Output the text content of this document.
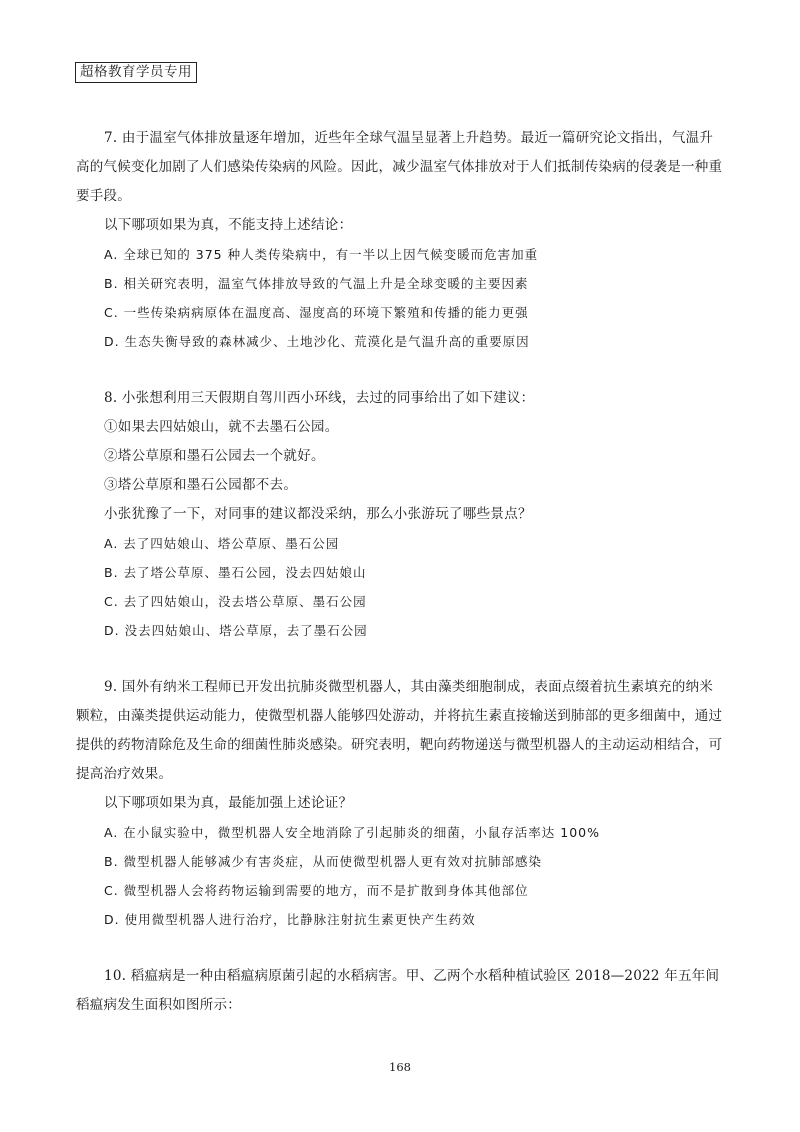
超格教育学员专用
7. 由于温室气体排放量逐年增加，近些年全球气温呈显著上升趋势。最近一篇研究论文指出，气温升高的气候变化加剧了人们感染传染病的风险。因此，减少温室气体排放对于人们抵制传染病的侵袭是一种重要手段。
以下哪项如果为真，不能支持上述结论：
A. 全球已知的 375 种人类传染病中，有一半以上因气候变暖而危害加重
B. 相关研究表明，温室气体排放导致的气温上升是全球变暖的主要因素
C. 一些传染病病原体在温度高、湿度高的环境下繁殖和传播的能力更强
D. 生态失衡导致的森林减少、土地沙化、荒漠化是气温升高的重要原因
8. 小张想利用三天假期自驾川西小环线，去过的同事给出了如下建议：
①如果去四姑娘山，就不去墨石公园。
②塔公草原和墨石公园去一个就好。
③塔公草原和墨石公园都不去。
小张犹豫了一下，对同事的建议都没采纳，那么小张游玩了哪些景点？
A. 去了四姑娘山、塔公草原、墨石公园
B. 去了塔公草原、墨石公园，没去四姑娘山
C. 去了四姑娘山，没去塔公草原、墨石公园
D. 没去四姑娘山、塔公草原，去了墨石公园
9. 国外有纳米工程师已开发出抗肺炎微型机器人，其由藻类细胞制成，表面点缀着抗生素填充的纳米颗粒，由藻类提供运动能力，使微型机器人能够四处游动，并将抗生素直接输送到肺部的更多细菌中，通过提供的药物清除危及生命的细菌性肺炎感染。研究表明，靶向药物递送与微型机器人的主动运动相结合，可提高治疗效果。
以下哪项如果为真，最能加强上述论证？
A. 在小鼠实验中，微型机器人安全地消除了引起肺炎的细菌，小鼠存活率达 100%
B. 微型机器人能够减少有害炎症，从而使微型机器人更有效对抗肺部感染
C. 微型机器人会将药物运输到需要的地方，而不是扩散到身体其他部位
D. 使用微型机器人进行治疗，比静脉注射抗生素更快产生药效
10. 稻瘟病是一种由稻瘟病原菌引起的水稻病害。甲、乙两个水稻种植试验区 2018—2022 年五年间稻瘟病发生面积如图所示：
168
